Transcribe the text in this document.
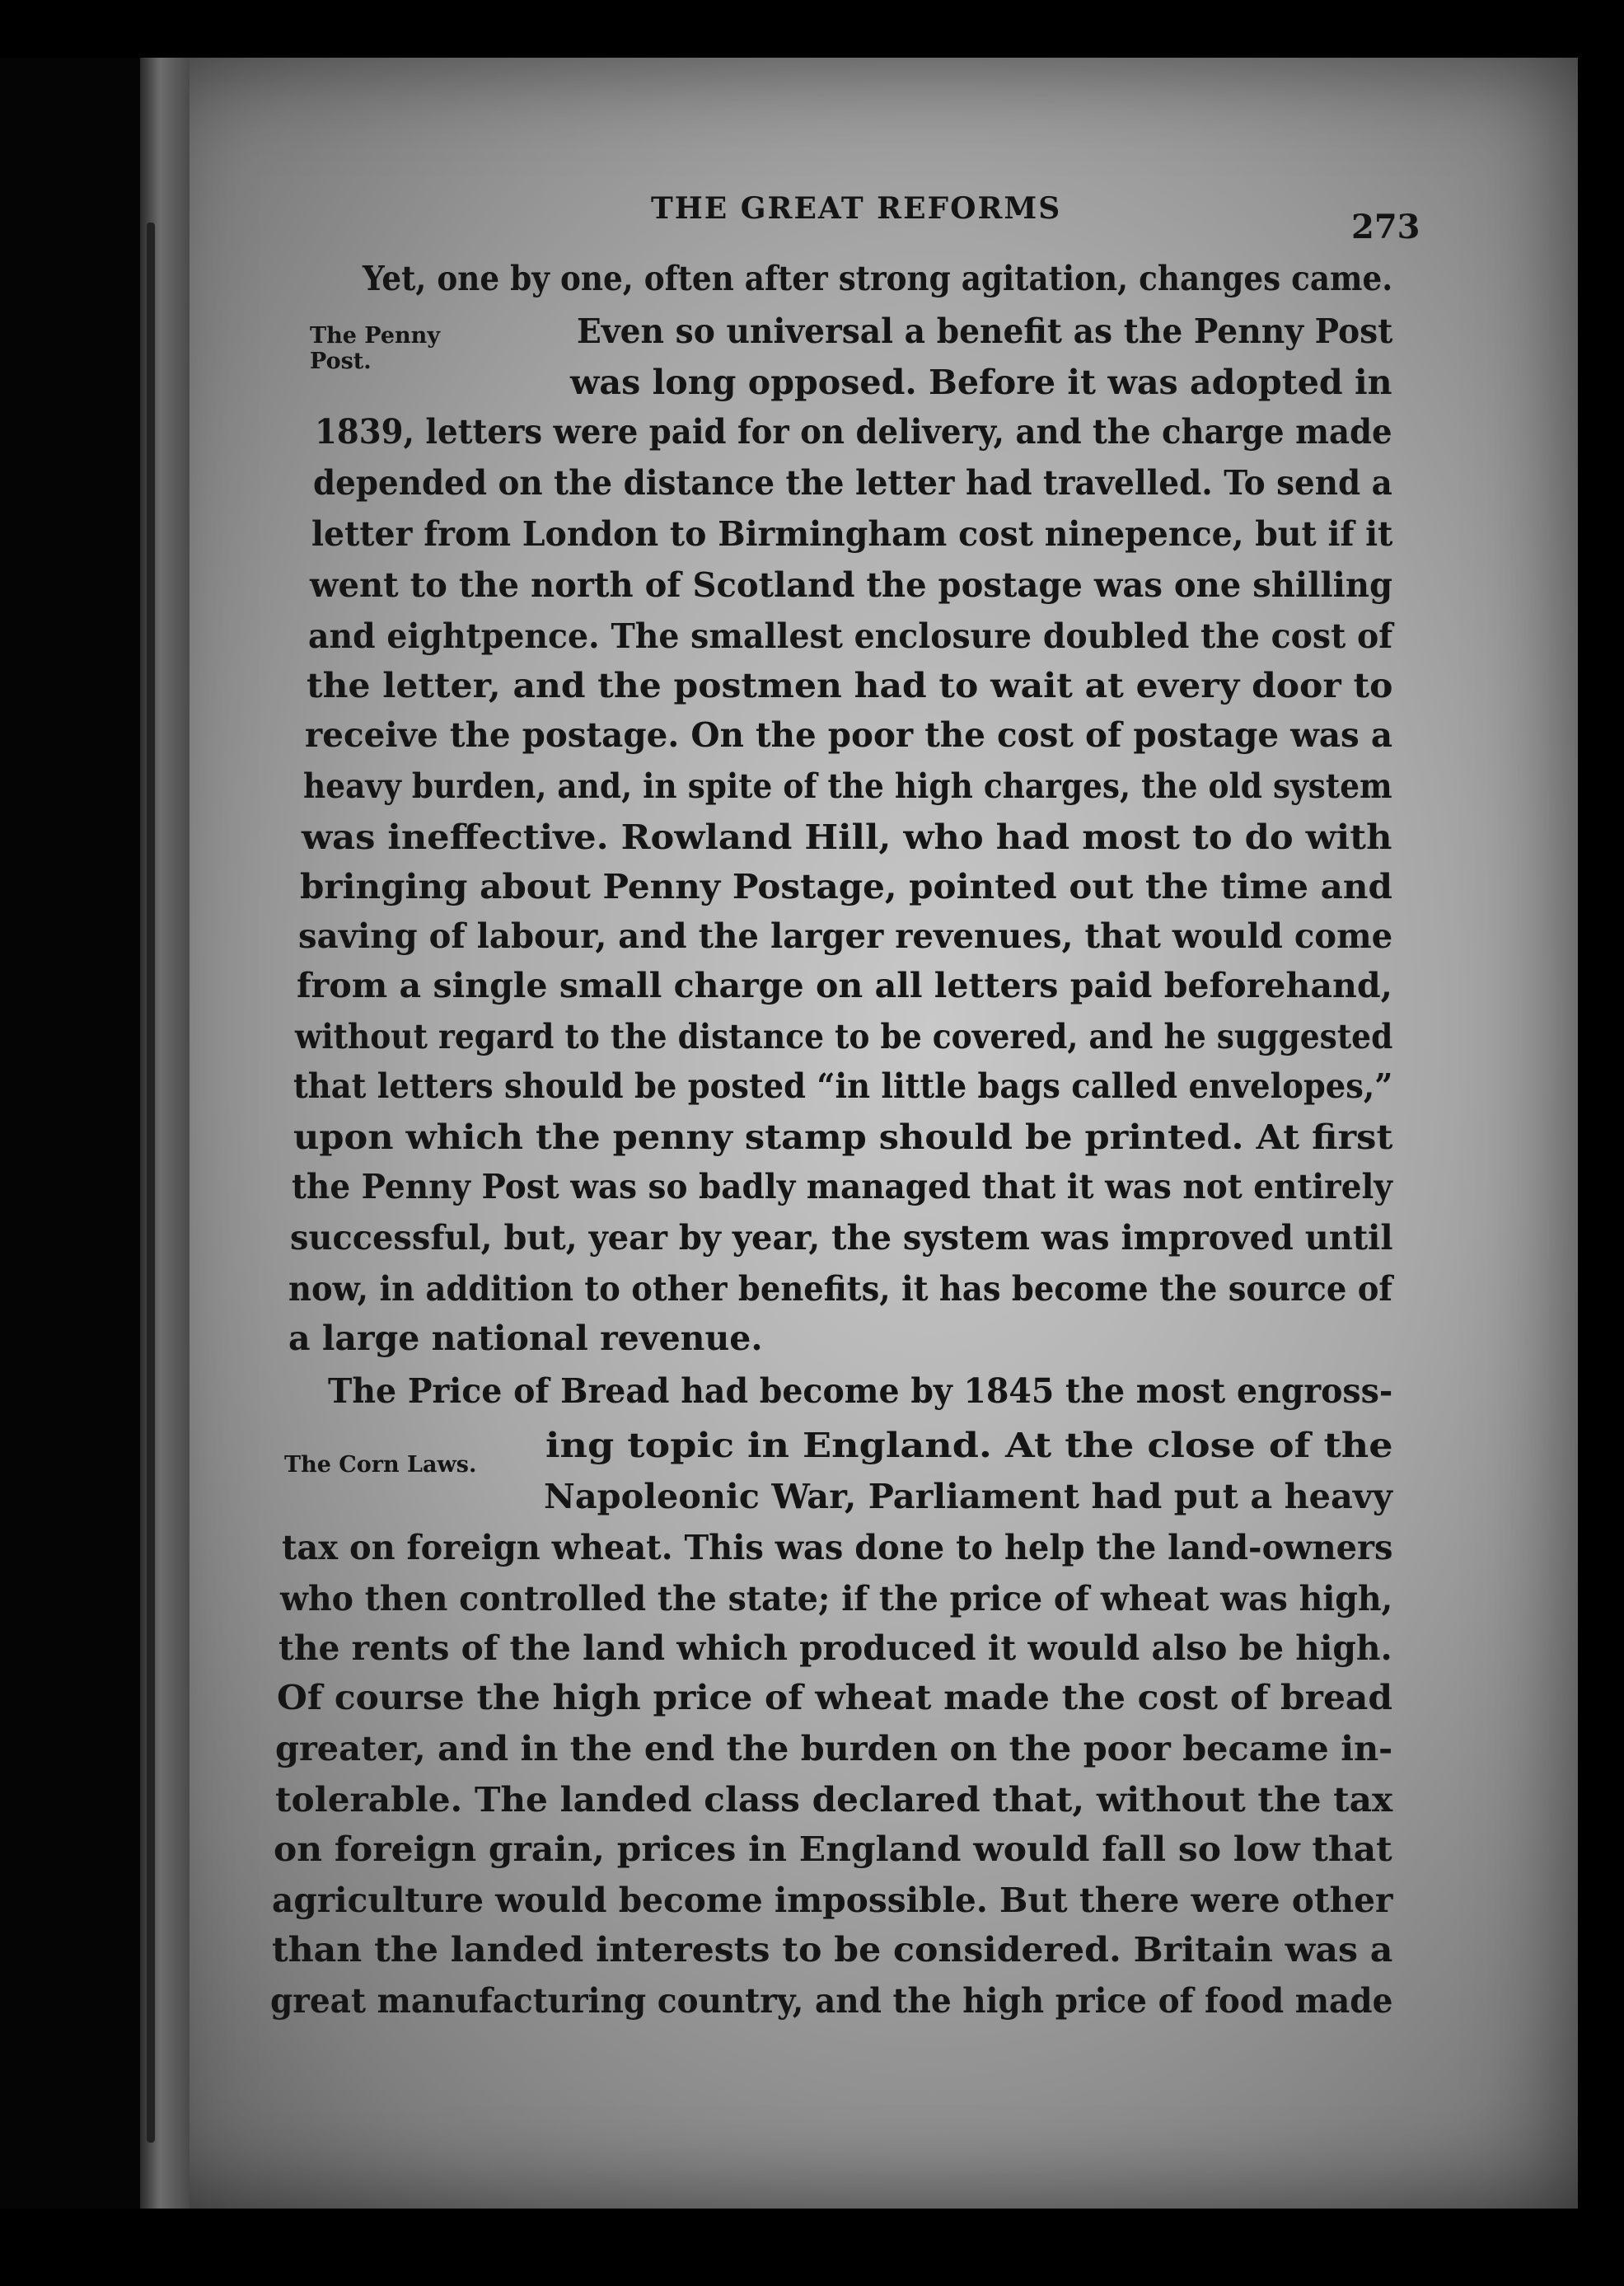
THE GREAT REFORMS	273
The Penny
Post.
The Corn Laws.
Yet, one by one, often after strong agitation, changes came.
Even so universal a benefit as the Penny Post
was long opposed. Before it was adopted in
1839, letters were paid for on delivery, and the charge made
depended on the distance the letter had travelled. To send a
letter from London to Birmingham cost ninepence, but if it
went to the north of Scotland the postage was one shilling
and eightpence. The smallest enclosure doubled the cost of
the letter, and the postmen had to wait at every door to
receive the postage. On the poor the cost of postage was a
heavy burden, and, in spite of the high charges, the old system
was ineffective. Rowland Hill, who had most to do with
bringing about Penny Postage, pointed out the time and
saving of labour, and the larger revenues, that would come
from a single small charge on all letters paid beforehand,
without regard to the distance to be covered, and he suggested
that letters should be posted “in little bags called envelopes,”
upon which the penny stamp should be printed. At first
the Penny Post was so badly managed that it was not entirely
successful, but, year by year, the system was improved until
now, in addition to other benefits, it has become the source of
a large national revenue.
The Price of Bread had become by 1845 the most engross-
ing topic in England. At the close of the
Napoleonic War, Parliament had put a heavy
tax on foreign wheat. This was done to help the land-owners
who then controlled the state; if the price of wheat was high,
the rents of the land which produced it would also be high.
Of course the high price of wheat made the cost of bread
greater, and in the end the burden on the poor became in-
tolerable. The landed class declared that, without the tax
on foreign grain, prices in England would fall so low that
agriculture would become impossible. But there were other
than the landed interests to be considered. Britain was a
great manufacturing country, and the high price of food made
